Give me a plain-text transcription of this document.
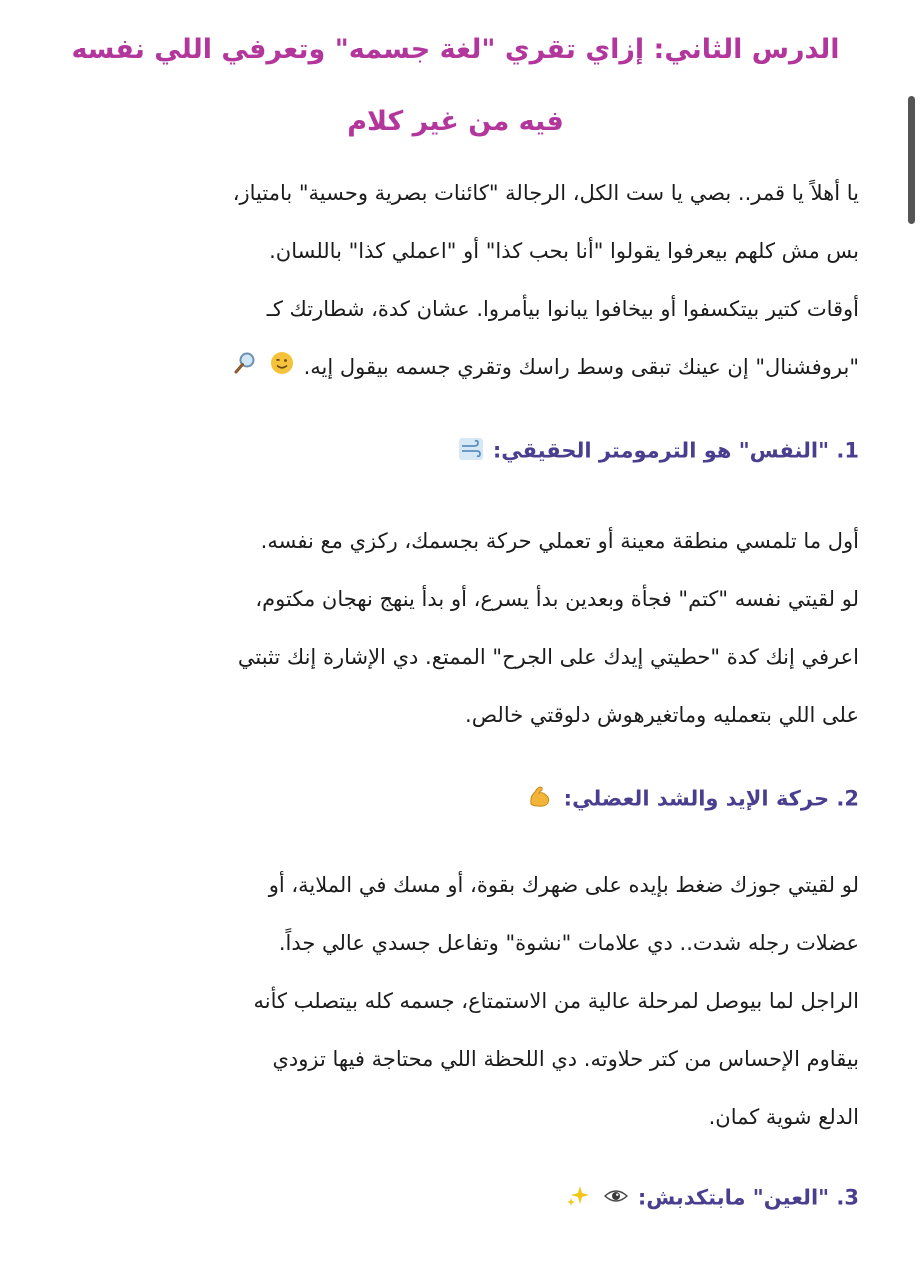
الدرس الثاني: إزاي تقري "لغة جسمه" وتعرفي اللي نفسه
فيه من غير كلام
يا أهلاً يا قمر.. بصي يا ست الكل، الرجالة "كائنات بصرية وحسية" بامتياز،
بس مش كلهم بيعرفوا يقولوا "أنا بحب كذا" أو "اعملي كذا" باللسان.
أوقات كتير بيتكسفوا أو بيخافوا يبانوا بيأمروا. عشان كدة، شطارتك كـ
"بروفشنال" إن عينك تبقى وسط راسك وتقري جسمه بيقول إيه.
1. "النفس" هو الترمومتر الحقيقي:
أول ما تلمسي منطقة معينة أو تعملي حركة بجسمك، ركزي مع نفسه.
لو لقيتي نفسه "كتم" فجأة وبعدين بدأ يسرع، أو بدأ ينهج نهجان مكتوم،
اعرفي إنك كدة "حطيتي إيدك على الجرح" الممتع. دي الإشارة إنك تثبتي
على اللي بتعمليه وماتغيرهوش دلوقتي خالص.
2. حركة الإيد والشد العضلي:
لو لقيتي جوزك ضغط بإيده على ضهرك بقوة، أو مسك في الملاية، أو
عضلات رجله شدت.. دي علامات "نشوة" وتفاعل جسدي عالي جداً.
الراجل لما بيوصل لمرحلة عالية من الاستمتاع، جسمه كله بيتصلب كأنه
بيقاوم الإحساس من كتر حلاوته. دي اللحظة اللي محتاجة فيها تزودي
الدلع شوية كمان.
3. "العين" مابتكدبش:
